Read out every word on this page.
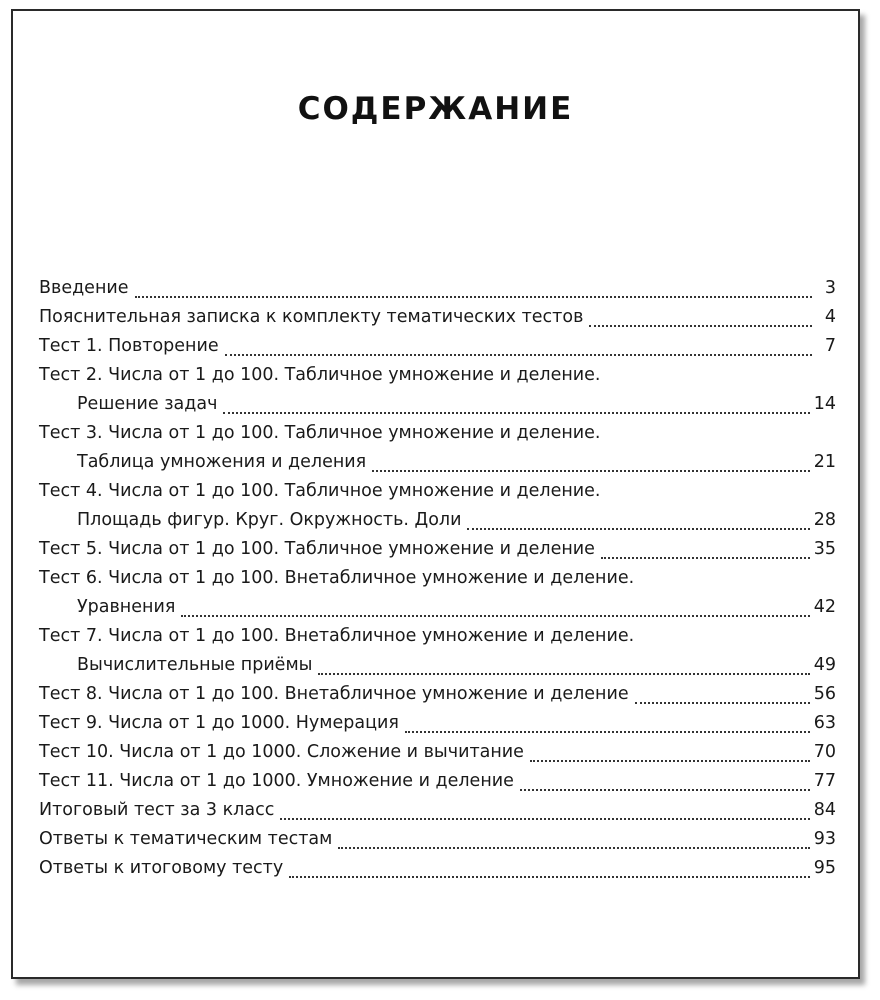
СОДЕРЖАНИЕ
Введение	3
Пояснительная записка к комплекту тематических тестов	4
Тест 1. Повторение	7
Тест 2. Числа от 1 до 100. Табличное умножение и деление.
Решение задач	14
Тест 3. Числа от 1 до 100. Табличное умножение и деление.
Таблица умножения и деления	21
Тест 4. Числа от 1 до 100. Табличное умножение и деление.
Площадь фигур. Круг. Окружность. Доли	28
Тест 5. Числа от 1 до 100. Табличное умножение и деление	35
Тест 6. Числа от 1 до 100. Внетабличное умножение и деление.
Уравнения	42
Тест 7. Числа от 1 до 100. Внетабличное умножение и деление.
Вычислительные приёмы	49
Тест 8. Числа от 1 до 100. Внетабличное умножение и деление	56
Тест 9. Числа от 1 до 1000. Нумерация	63
Тест 10. Числа от 1 до 1000. Сложение и вычитание	70
Тест 11. Числа от 1 до 1000. Умножение и деление	77
Итоговый тест за 3 класс	84
Ответы к тематическим тестам	93
Ответы к итоговому тесту	95
